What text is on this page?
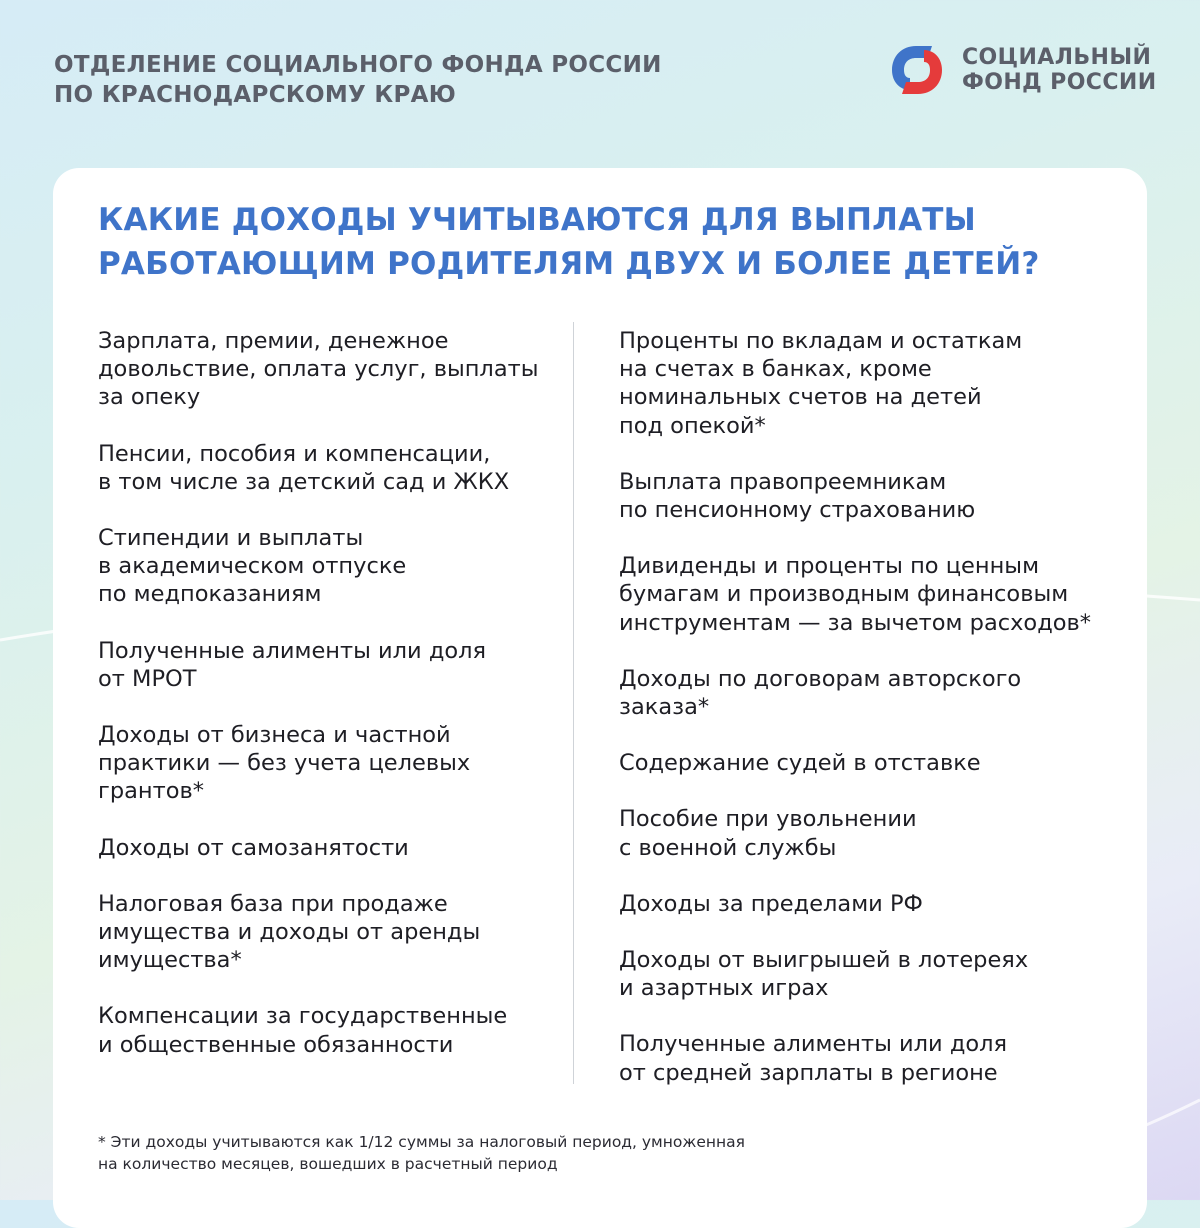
ОТДЕЛЕНИЕ СОЦИАЛЬНОГО ФОНДА РОССИИ
ПО КРАСНОДАРСКОМУ КРАЮ
СОЦИАЛЬНЫЙ
ФОНД РОССИИ
КАКИЕ ДОХОДЫ УЧИТЫВАЮТСЯ ДЛЯ ВЫПЛАТЫ
РАБОТАЮЩИМ РОДИТЕЛЯМ ДВУХ И БОЛЕЕ ДЕТЕЙ?
Зарплата, премии, денежное
довольствие, оплата услуг, выплаты
за опеку
Пенсии, пособия и компенсации,
в том числе за детский сад и ЖКХ
Стипендии и выплаты
в академическом отпуске
по медпоказаниям
Полученные алименты или доля
от МРОТ
Доходы от бизнеса и частной
практики — без учета целевых
грантов*
Доходы от самозанятости
Налоговая база при продаже
имущества и доходы от аренды
имущества*
Компенсации за государственные
и общественные обязанности
Проценты по вкладам и остаткам
на счетах в банках, кроме
номинальных счетов на детей
под опекой*
Выплата правопреемникам
по пенсионному страхованию
Дивиденды и проценты по ценным
бумагам и производным финансовым
инструментам — за вычетом расходов*
Доходы по договорам авторского
заказа*
Содержание судей в отставке
Пособие при увольнении
с военной службы
Доходы за пределами РФ
Доходы от выигрышей в лотереях
и азартных играх
Полученные алименты или доля
от средней зарплаты в регионе
* Эти доходы учитываются как 1/12 суммы за налоговый период, умноженная
на количество месяцев, вошедших в расчетный период
